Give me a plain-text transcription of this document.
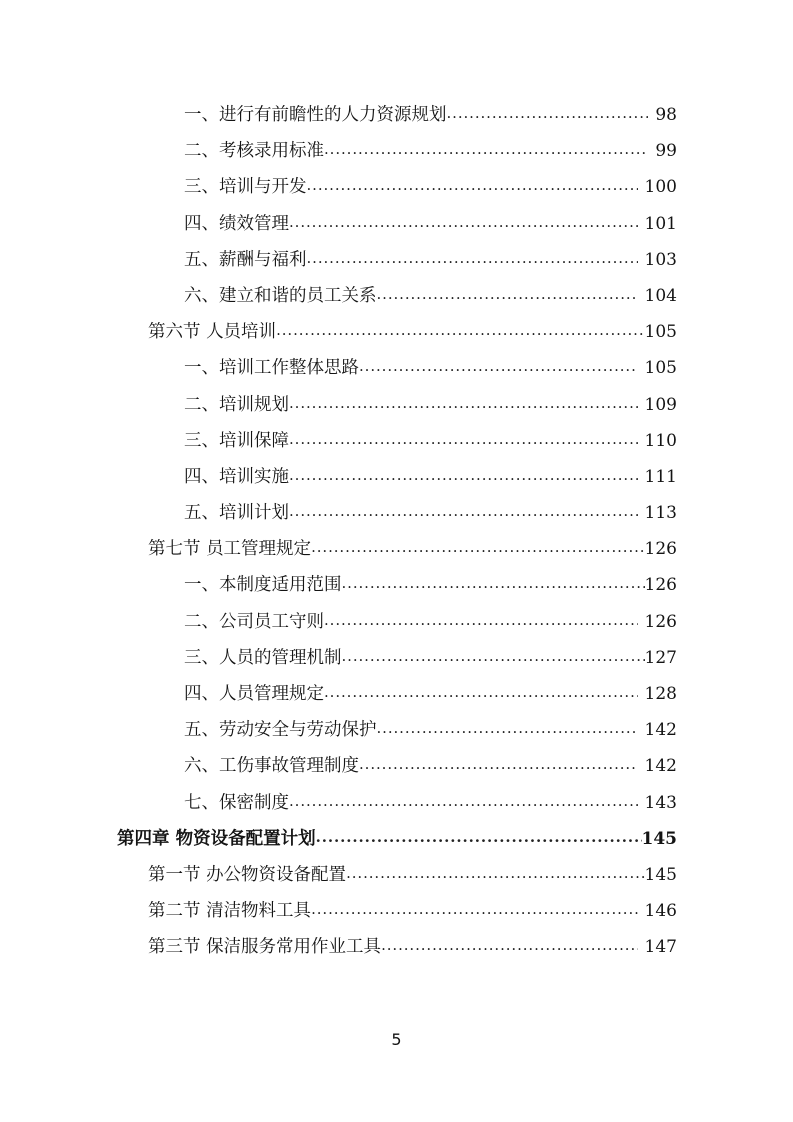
一、进行有前瞻性的人力资源规划 .....	98
二、考核录用标准 .....	99
三、培训与开发 .....	100
四、绩效管理 .....	101
五、薪酬与福利 .....	103
六、建立和谐的员工关系 .....	104
第六节 人员培训 .....	105
一、培训工作整体思路 .....	105
二、培训规划 .....	109
三、培训保障 .....	110
四、培训实施 .....	111
五、培训计划 .....	113
第七节 员工管理规定 .....	126
一、本制度适用范围 .....	126
二、公司员工守则 .....	126
三、人员的管理机制 .....	127
四、人员管理规定 .....	128
五、劳动安全与劳动保护 .....	142
六、工伤事故管理制度 .....	142
七、保密制度 .....	143
第四章 物资设备配置计划 .....	145
第一节 办公物资设备配置 .....	145
第二节 清洁物料工具 .....	146
第三节 保洁服务常用作业工具 .....	147
5
